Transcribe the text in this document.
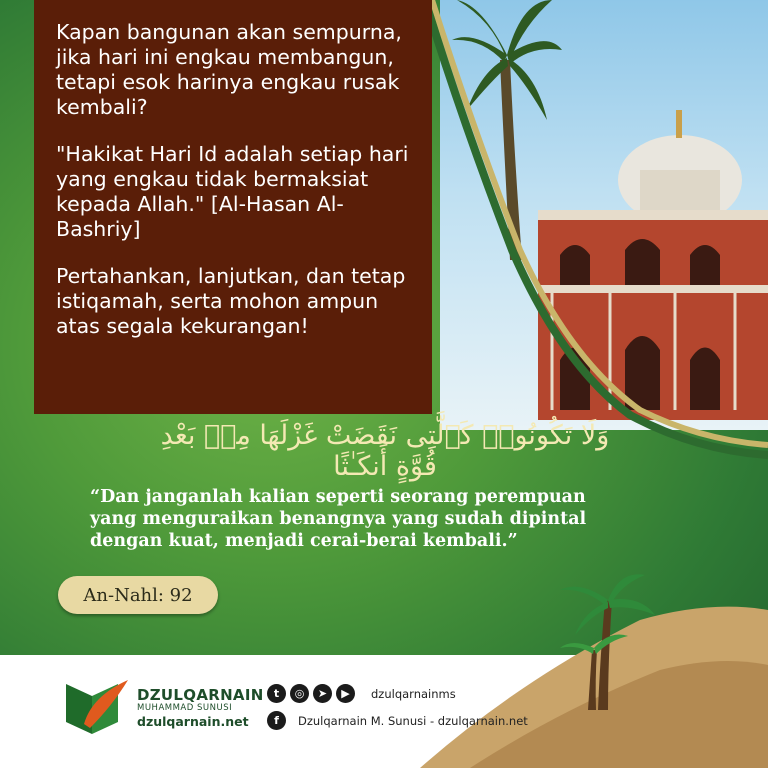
Kapan bangunan akan sempurna, jika hari ini engkau membangun, tetapi esok harinya engkau rusak kembali?

"Hakikat Hari Id adalah setiap hari yang engkau tidak bermaksiat kepada Allah." [Al-Hasan Al-Bashriy]

Pertahankan, lanjutkan, dan tetap istiqamah, serta mohon ampun atas segala kekurangan!

وَلَا تَكُونُوا۟ كَٱلَّتِى نَقَضَتْ غَزْلَهَا مِنۢ بَعْدِ قُوَّةٍ أَنكَـٰثًا
“Dan janganlah kalian seperti seorang perempuan yang menguraikan benangnya yang sudah dipintal dengan kuat, menjadi cerai-berai kembali.”
An-Nahl: 92
DZULQARNAIN
MUHAMMAD SUNUSI
dzulqarnain.net
t	◎	➤	▶	dzulqarnainms
f	Dzulqarnain M. Sunusi - dzulqarnain.net
